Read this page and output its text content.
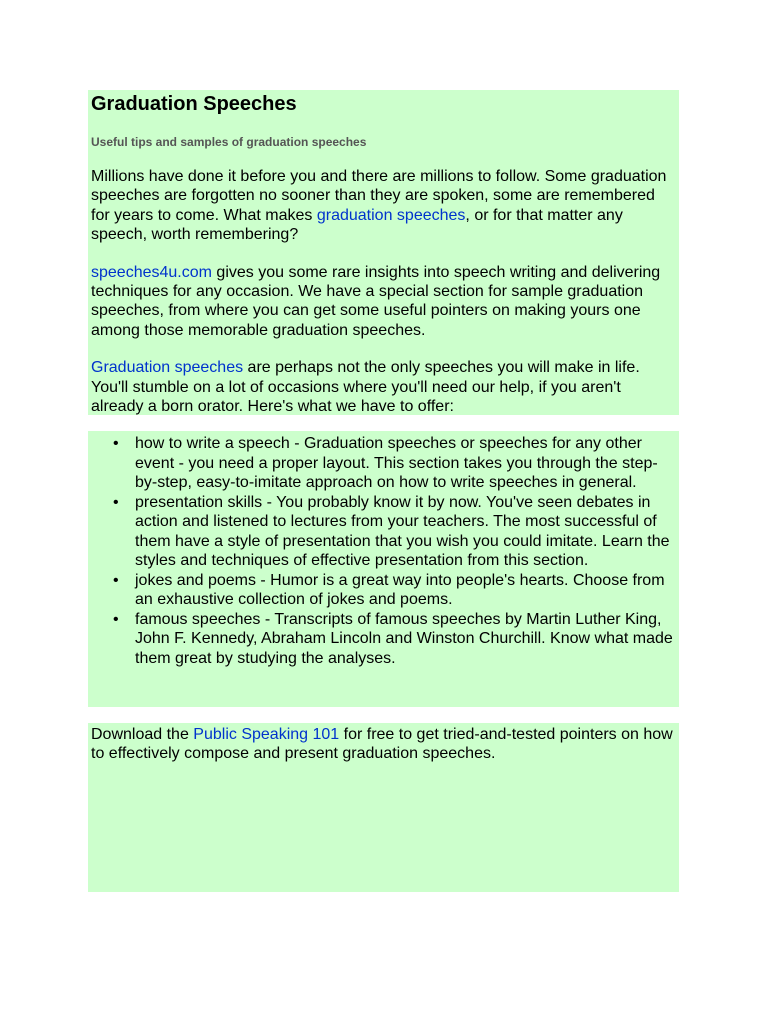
Graduation Speeches
Useful tips and samples of graduation speeches

Millions have done it before you and there are millions to follow. Some graduation speeches are forgotten no sooner than they are spoken, some are remembered for years to come. What makes graduation speeches, or for that matter any speech, worth remembering?

speeches4u.com gives you some rare insights into speech writing and delivering techniques for any occasion. We have a special section for sample graduation speeches, from where you can get some useful pointers on making yours one among those memorable graduation speeches.

Graduation speeches are perhaps not the only speeches you will make in life. You'll stumble on a lot of occasions where you'll need our help, if you aren't already a born orator. Here's what we have to offer:

• how to write a speech - Graduation speeches or speeches for any other event - you need a proper layout. This section takes you through the step-by-step, easy-to-imitate approach on how to write speeches in general.
• presentation skills - You probably know it by now. You've seen debates in action and listened to lectures from your teachers. The most successful of them have a style of presentation that you wish you could imitate. Learn the styles and techniques of effective presentation from this section.
• jokes and poems - Humor is a great way into people's hearts. Choose from an exhaustive collection of jokes and poems.
• famous speeches - Transcripts of famous speeches by Martin Luther King, John F. Kennedy, Abraham Lincoln and Winston Churchill. Know what made them great by studying the analyses.

Download the Public Speaking 101 for free to get tried-and-tested pointers on how to effectively compose and present graduation speeches.
